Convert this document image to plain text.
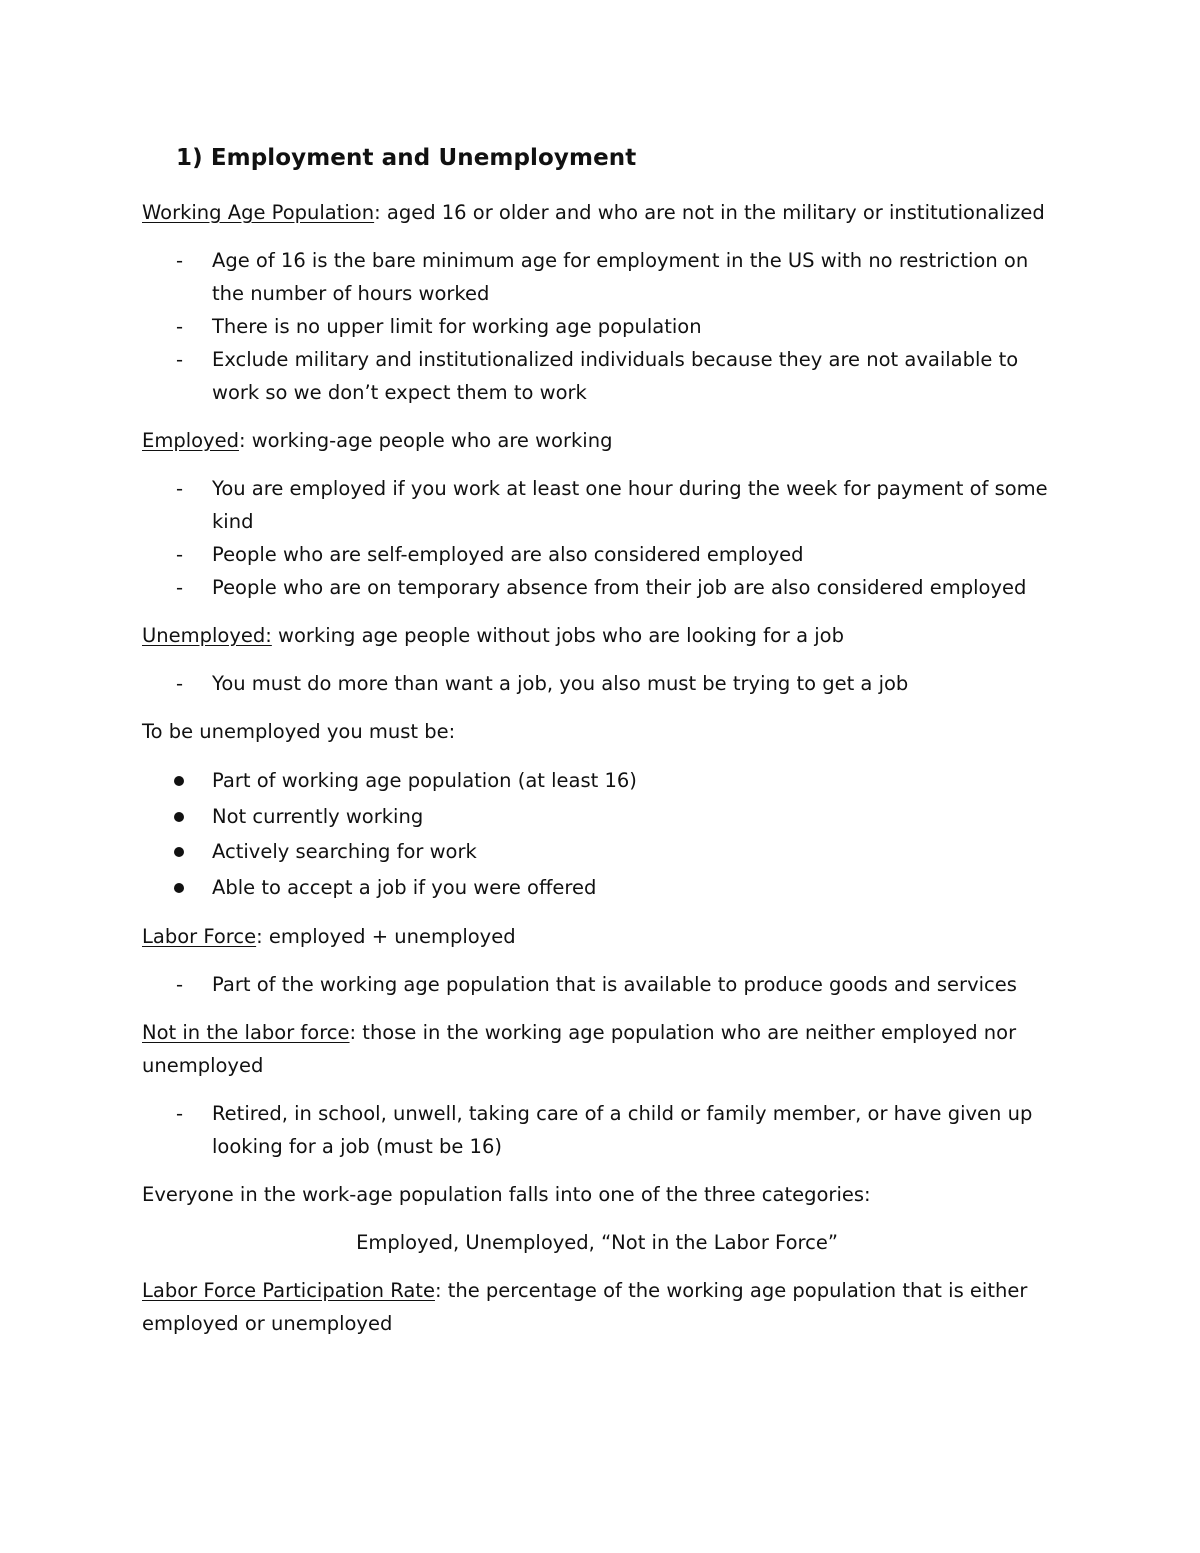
1) Employment and Unemployment

Working Age Population: aged 16 or older and who are not in the military or institutionalized

- Age of 16 is the bare minimum age for employment in the US with no restriction on the number of hours worked
- There is no upper limit for working age population
- Exclude military and institutionalized individuals because they are not available to work so we don’t expect them to work

Employed: working-age people who are working

- You are employed if you work at least one hour during the week for payment of some kind
- People who are self-employed are also considered employed
- People who are on temporary absence from their job are also considered employed

Unemployed: working age people without jobs who are looking for a job

- You must do more than want a job, you also must be trying to get a job

To be unemployed you must be:

Part of working age population (at least 16)
Not currently working
Actively searching for work
Able to accept a job if you were offered

Labor Force: employed + unemployed

- Part of the working age population that is available to produce goods and services

Not in the labor force: those in the working age population who are neither employed nor unemployed

- Retired, in school, unwell, taking care of a child or family member, or have given up looking for a job (must be 16)

Everyone in the work-age population falls into one of the three categories:

Employed, Unemployed, “Not in the Labor Force”

Labor Force Participation Rate: the percentage of the working age population that is either employed or unemployed
